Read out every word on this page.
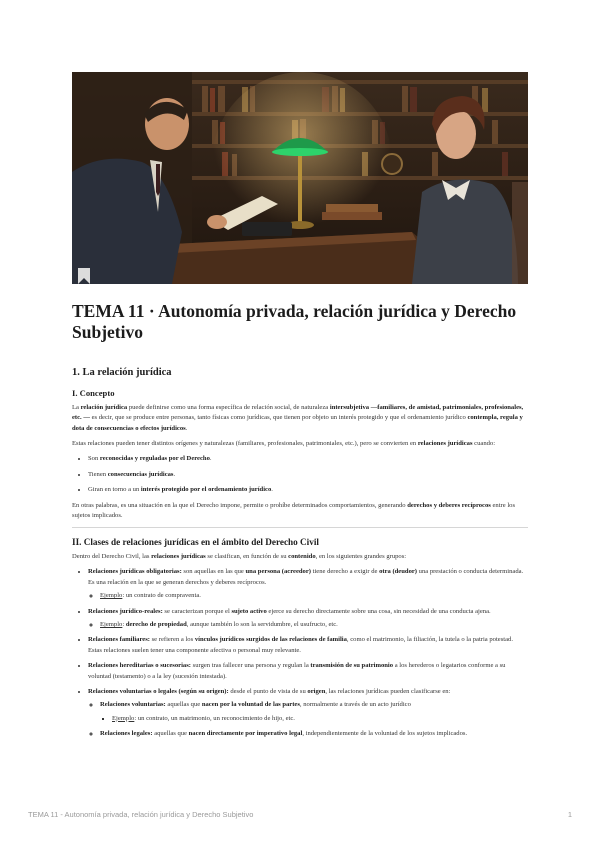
TEMA 11 · Autonomía privada, relación jurídica y Derecho Subjetivo
1. La relación jurídica
I. Concepto

La relación jurídica puede definirse como una forma específica de relación social, de naturaleza intersubjetiva —familiares, de amistad, patrimoniales, profesionales, etc. — es decir, que se produce entre personas, tanto físicas como jurídicas, que tienen por objeto un interés protegido y que el ordenamiento jurídico contempla, regula y dota de consecuencias o efectos jurídicos.

Estas relaciones pueden tener distintos orígenes y naturalezas (familiares, profesionales, patrimoniales, etc.), pero se convierten en relaciones jurídicas cuando:

• Son reconocidas y reguladas por el Derecho.
• Tienen consecuencias jurídicas.
• Giran en torno a un interés protegido por el ordenamiento jurídico.

En otras palabras, es una situación en la que el Derecho impone, permite o prohíbe determinados comportamientos, generando derechos y deberes recíprocos entre los sujetos implicados.

II. Clases de relaciones jurídicas en el ámbito del Derecho Civil

Dentro del Derecho Civil, las relaciones jurídicas se clasifican, en función de su contenido, en los siguientes grandes grupos:

• Relaciones jurídicas obligatorias: son aquellas en las que una persona (acreedor) tiene derecho a exigir de otra (deudor) una prestación o conducta determinada. Es una relación en la que se generan derechos y deberes recíprocos.
◦ Ejemplo: un contrato de compraventa.
• Relaciones jurídico-reales: se caracterizan porque el sujeto activo ejerce su derecho directamente sobre una cosa, sin necesidad de una conducta ajena.
◦ Ejemplo: derecho de propiedad, aunque también lo son la servidumbre, el usufructo, etc.
• Relaciones familiares: se refieren a los vínculos jurídicos surgidos de las relaciones de familia, como el matrimonio, la filiación, la tutela o la patria potestad. Estas relaciones suelen tener una componente afectiva o personal muy relevante.
• Relaciones hereditarias o sucesorias: surgen tras fallecer una persona y regulan la transmisión de su patrimonio a los herederos o legatarios conforme a su voluntad (testamento) o a la ley (sucesión intestada).
• Relaciones voluntarias o legales (según su origen): desde el punto de vista de su origen, las relaciones jurídicas pueden clasificarse en:
◦ Relaciones voluntarias: aquellas que nacen por la voluntad de las partes, normalmente a través de un acto jurídico
▪ Ejemplo: un contrato, un matrimonio, un reconocimiento de hijo, etc.
◦ Relaciones legales: aquellas que nacen directamente por imperativo legal, independientemente de la voluntad de los sujetos implicados.
TEMA 11 - Autonomía privada, relación jurídica y Derecho Subjetivo	1
